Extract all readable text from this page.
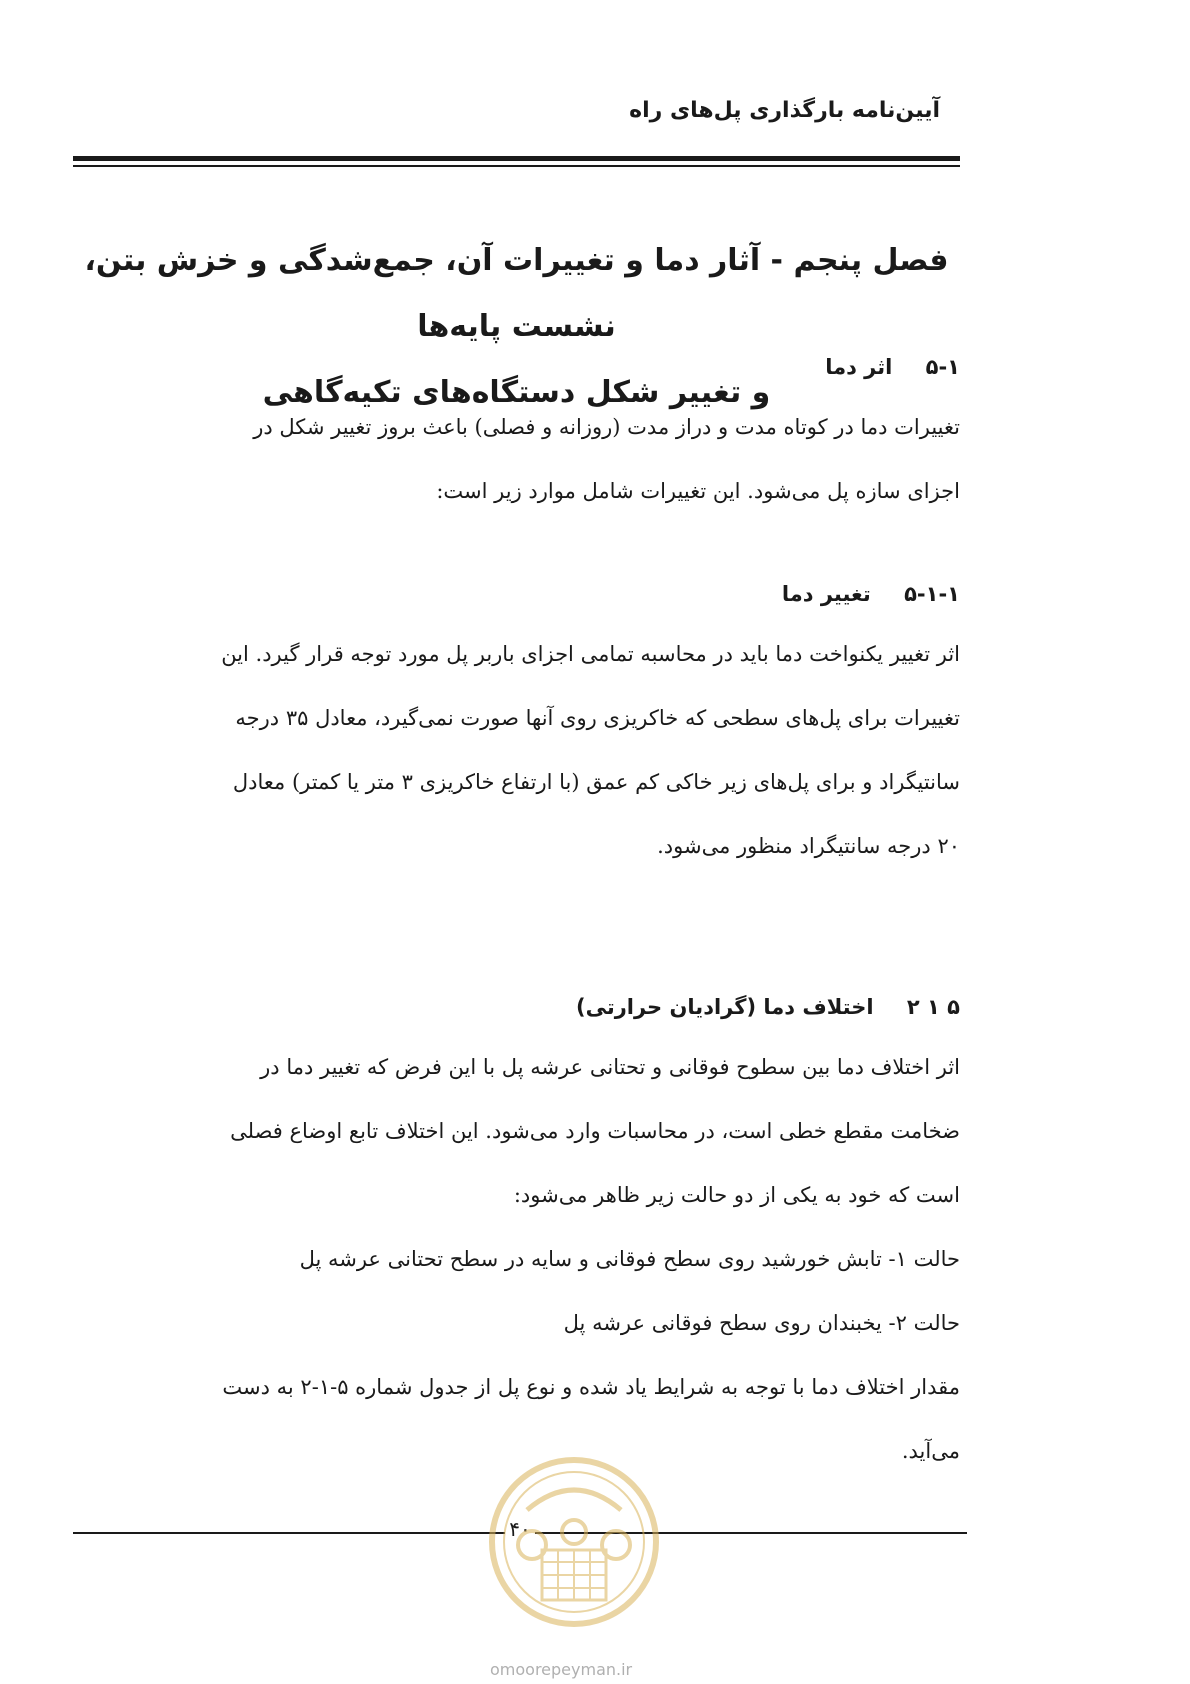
آیین‌نامه بارگذاری پل‌های راه
فصل پنجم - آثار دما و تغییرات آن، جمع‌شدگی و خزش بتن، نشست پایه‌ها
و تغییر شکل دستگاه‌های تکیه‌گاهی
۵-۱ اثر دما
تغییرات دما در کوتاه مدت و دراز مدت (روزانه و فصلی) باعث بروز تغییر شکل در
اجزای سازه پل می‌شود. این تغییرات شامل موارد زیر است:
۵-۱-۱ تغییر دما
اثر تغییر یکنواخت دما باید در محاسبه تمامی اجزای باربر پل مورد توجه قرار گیرد. این
تغییرات برای پل‌های سطحی که خاکریزی روی آنها صورت نمی‌گیرد، معادل ۳۵ درجه
سانتیگراد و برای پل‌های زیر خاکی کم عمق (با ارتفاع خاکریزی ۳ متر یا کمتر) معادل
۲۰ درجه سانتیگراد منظور می‌شود.
۵ ۱ ۲ اختلاف دما (گرادیان حرارتی)
اثر اختلاف دما بین سطوح فوقانی و تحتانی عرشه پل با این فرض که تغییر دما در
ضخامت مقطع خطی است، در محاسبات وارد می‌شود. این اختلاف تابع اوضاع فصلی
است که خود به یکی از دو حالت زیر ظاهر می‌شود:
حالت ۱- تابش خورشید روی سطح فوقانی و سایه در سطح تحتانی عرشه پل
حالت ۲- یخبندان روی سطح فوقانی عرشه پل
مقدار اختلاف دما با توجه به شرایط یاد شده و نوع پل از جدول شماره ۵-۱-۲ به دست
می‌آید.
۴۰
omoorepeyman.ir
